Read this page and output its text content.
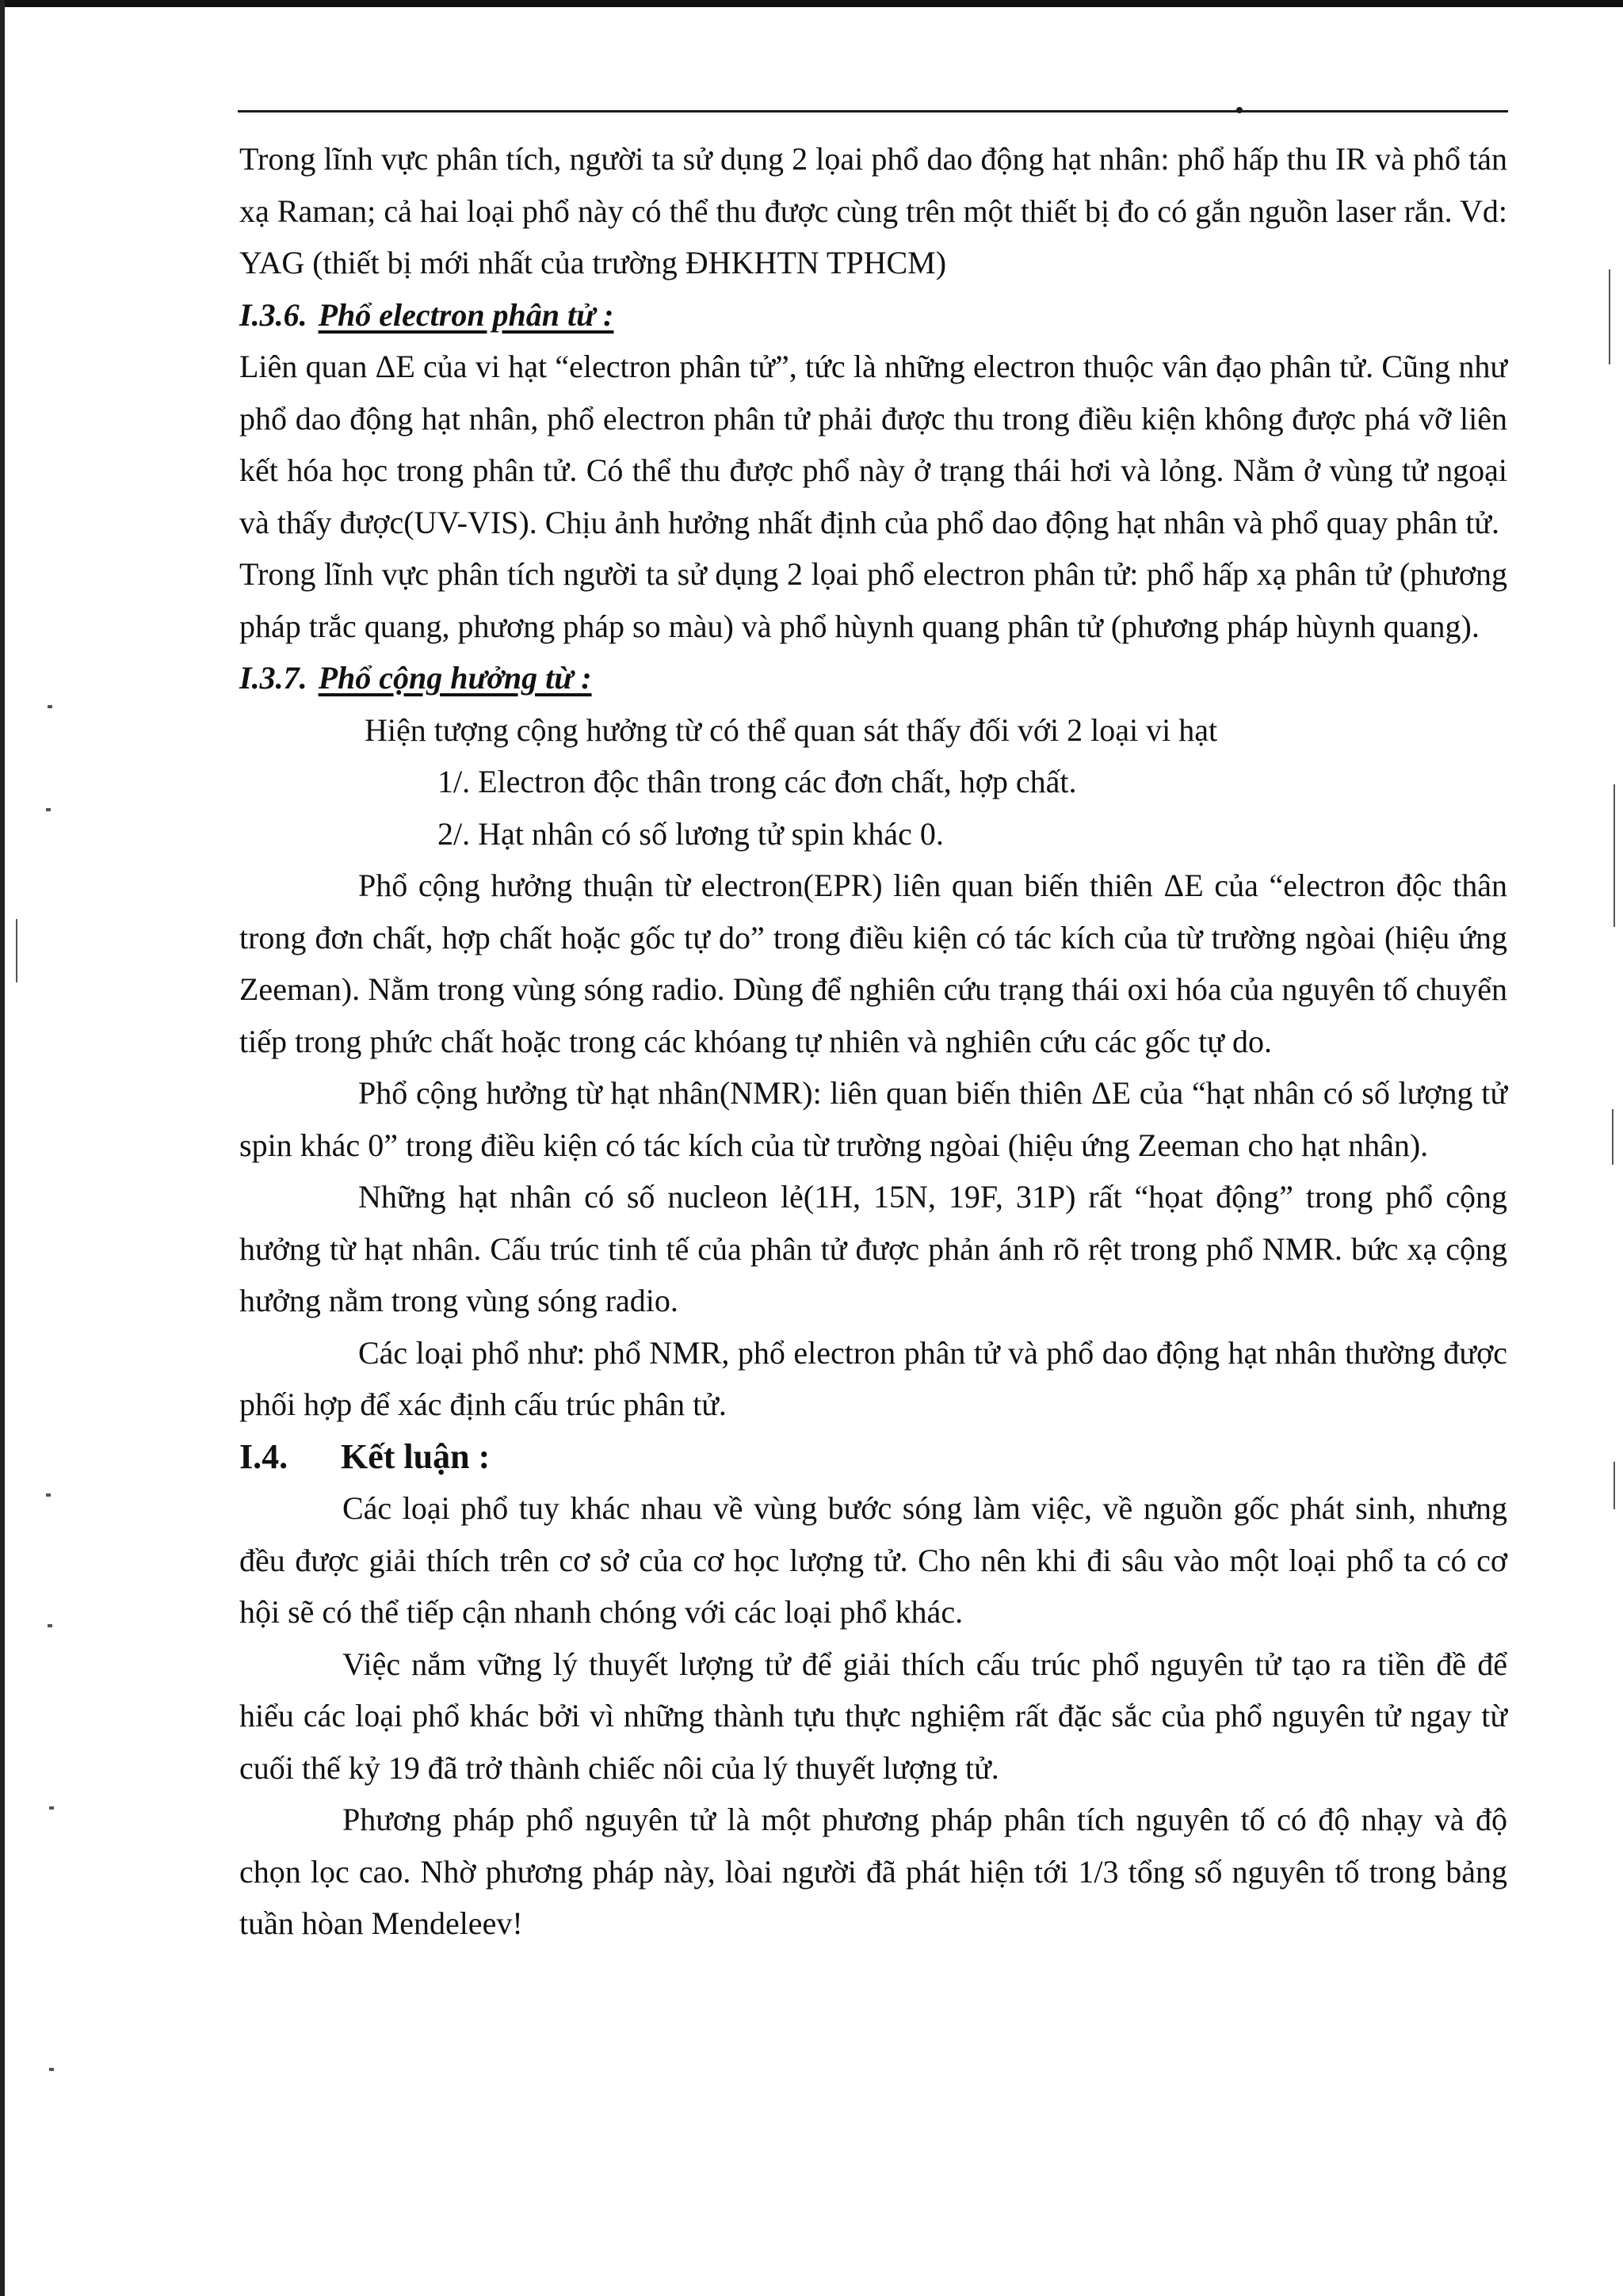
Trong lĩnh vực phân tích, người ta sử dụng 2 lọai phổ dao động hạt nhân: phổ hấp thu IR và phổ tán xạ Raman; cả hai loại phổ này có thể thu được cùng trên một thiết bị đo có gắn nguồn laser rắn. Vd: YAG (thiết bị mới nhất của trường ĐHKHTN TPHCM)

I.3.6. Phổ electron phân tử :

Liên quan ΔE của vi hạt “electron phân tử”, tức là những electron thuộc vân đạo phân tử. Cũng như phổ dao động hạt nhân, phổ electron phân tử phải được thu trong điều kiện không được phá vỡ liên kết hóa học trong phân tử. Có thể thu được phổ này ở trạng thái hơi và lỏng. Nằm ở vùng tử ngoại và thấy được(UV-VIS). Chịu ảnh hưởng nhất định của phổ dao động hạt nhân và phổ quay phân tử.

Trong lĩnh vực phân tích người ta sử dụng 2 lọai phổ electron phân tử: phổ hấp xạ phân tử (phương pháp trắc quang, phương pháp so màu) và phổ hùynh quang phân tử (phương pháp hùynh quang).

I.3.7. Phổ cộng hưởng từ :

Hiện tượng cộng hưởng từ có thể quan sát thấy đối với 2 loại vi hạt

1/. Electron độc thân trong các đơn chất, hợp chất.

2/. Hạt nhân có số lương tử spin khác 0.

Phổ cộng hưởng thuận từ electron(EPR) liên quan biến thiên ΔE của “electron độc thân trong đơn chất, hợp chất hoặc gốc tự do” trong điều kiện có tác kích của từ trường ngòai (hiệu ứng Zeeman). Nằm trong vùng sóng radio. Dùng để nghiên cứu trạng thái oxi hóa của nguyên tố chuyển tiếp trong phức chất hoặc trong các khóang tự nhiên và nghiên cứu các gốc tự do.

Phổ cộng hưởng từ hạt nhân(NMR): liên quan biến thiên ΔE của “hạt nhân có số lượng tử spin khác 0” trong điều kiện có tác kích của từ trường ngòai (hiệu ứng Zeeman cho hạt nhân).

Những hạt nhân có số nucleon lẻ(1H, 15N, 19F, 31P) rất “họat động” trong phổ cộng hưởng từ hạt nhân. Cấu trúc tinh tế của phân tử được phản ánh rõ rệt trong phổ NMR. bức xạ cộng hưởng nằm trong vùng sóng radio.

Các loại phổ như: phổ NMR, phổ electron phân tử và phổ dao động hạt nhân thường được phối hợp để xác định cấu trúc phân tử.

I.4. Kết luận :

Các loại phổ tuy khác nhau về vùng bước sóng làm việc, về nguồn gốc phát sinh, nhưng đều được giải thích trên cơ sở của cơ học lượng tử. Cho nên khi đi sâu vào một loại phổ ta có cơ hội sẽ có thể tiếp cận nhanh chóng với các loại phổ khác.

Việc nắm vững lý thuyết lượng tử để giải thích cấu trúc phổ nguyên tử tạo ra tiền đề để hiểu các loại phổ khác bởi vì những thành tựu thực nghiệm rất đặc sắc của phổ nguyên tử ngay từ cuối thế kỷ 19 đã trở thành chiếc nôi của lý thuyết lượng tử.

Phương pháp phổ nguyên tử là một phương pháp phân tích nguyên tố có độ nhạy và độ chọn lọc cao. Nhờ phương pháp này, lòai người đã phát hiện tới 1/3 tổng số nguyên tố trong bảng tuần hòan Mendeleev!
